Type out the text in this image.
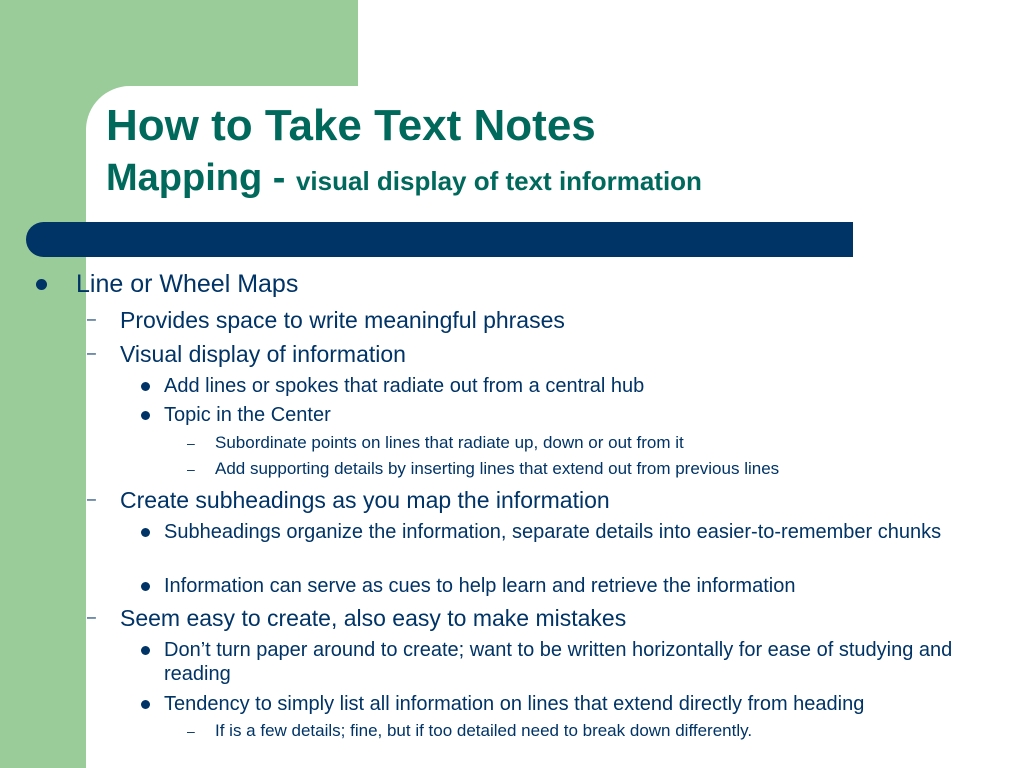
How to Take Text Notes
Mapping - visual display of text information
Line or Wheel Maps
– Provides space to write meaningful phrases
– Visual display of information
Add lines or spokes that radiate out from a central hub
Topic in the Center
– Subordinate points on lines that radiate up, down or out from it
– Add supporting details by inserting lines that extend out from previous lines
– Create subheadings as you map the information
Subheadings organize the information, separate details into easier-to-remember chunks
Information can serve as cues to help learn and retrieve the information
– Seem easy to create, also easy to make mistakes
Don’t turn paper around to create; want to be written horizontally for ease of studying and reading
Tendency to simply list all information on lines that extend directly from heading
– If is a few details; fine, but if too detailed need to break down differently.
